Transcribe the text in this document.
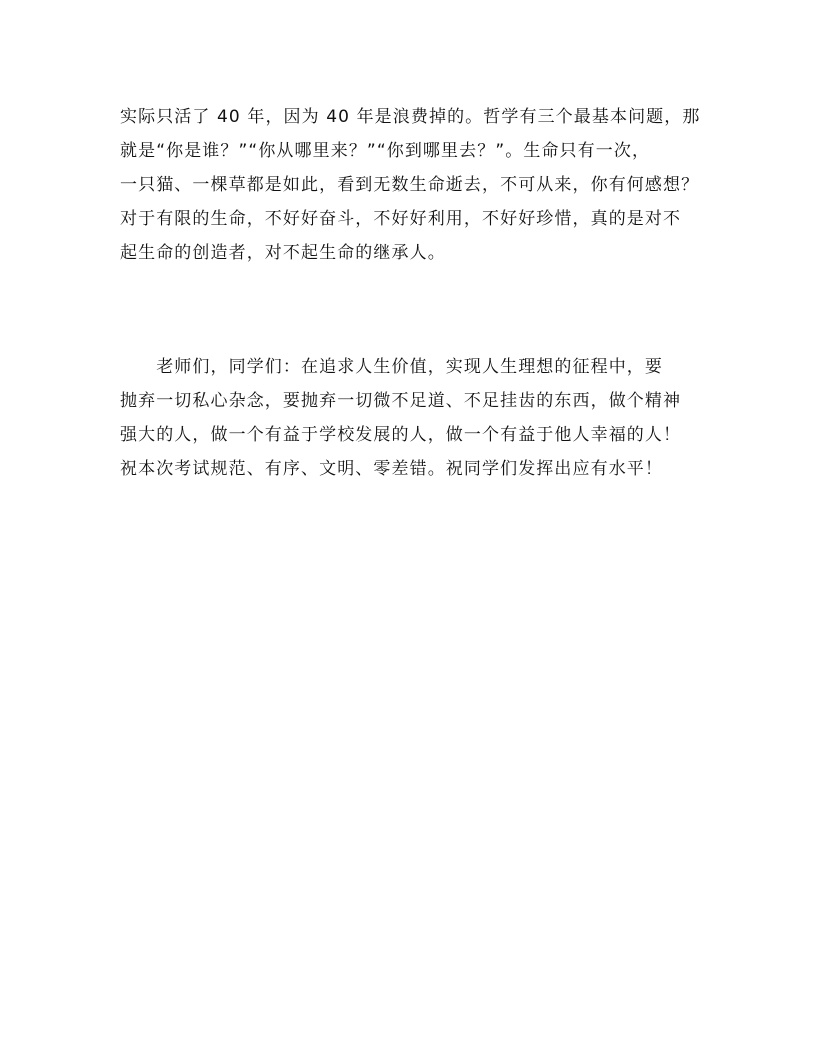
实际只活了 40 年，因为 40 年是浪费掉的。哲学有三个最基本问题，那
就是“你是谁？”“你从哪里来？”“你到哪里去？”。生命只有一次，
一只猫、一棵草都是如此，看到无数生命逝去，不可从来，你有何感想？
对于有限的生命，不好好奋斗，不好好利用，不好好珍惜，真的是对不
起生命的创造者，对不起生命的继承人。
　　老师们，同学们：在追求人生价值，实现人生理想的征程中，要
抛弃一切私心杂念，要抛弃一切微不足道、不足挂齿的东西，做个精神
强大的人，做一个有益于学校发展的人，做一个有益于他人幸福的人！
祝本次考试规范、有序、文明、零差错。祝同学们发挥出应有水平！
